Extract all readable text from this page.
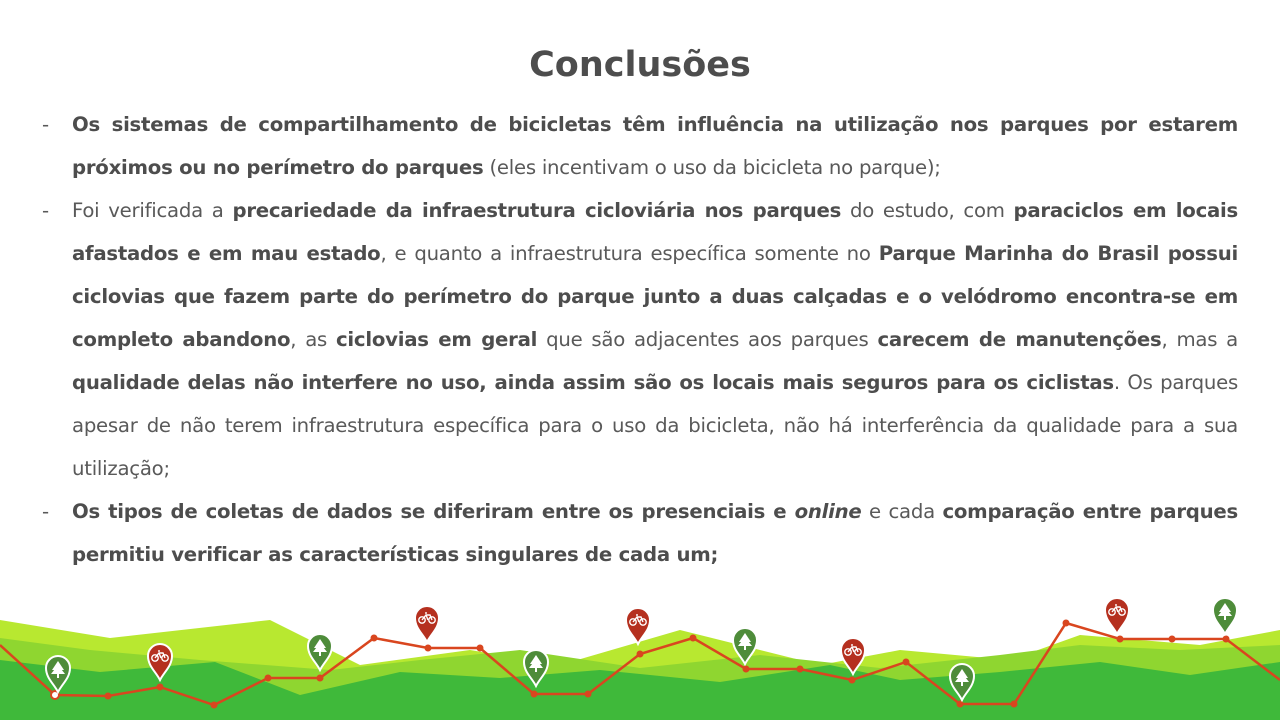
Conclusões
- Os sistemas de compartilhamento de bicicletas têm influência na utilização nos parques por estarem próximos ou no perímetro do parques (eles incentivam o uso da bicicleta no parque);
- Foi verificada a precariedade da infraestrutura cicloviária nos parques do estudo, com paraciclos em locais afastados e em mau estado, e quanto a infraestrutura específica somente no Parque Marinha do Brasil possui ciclovias que fazem parte do perímetro do parque junto a duas calçadas e o velódromo encontra-se em completo abandono, as ciclovias em geral que são adjacentes aos parques carecem de manutenções, mas a qualidade delas não interfere no uso, ainda assim são os locais mais seguros para os ciclistas. Os parques apesar de não terem infraestrutura específica para o uso da bicicleta, não há interferência da qualidade para a sua utilização;
- Os tipos de coletas de dados se diferiram entre os presenciais e online e cada comparação entre parques permitiu verificar as características singulares de cada um;
